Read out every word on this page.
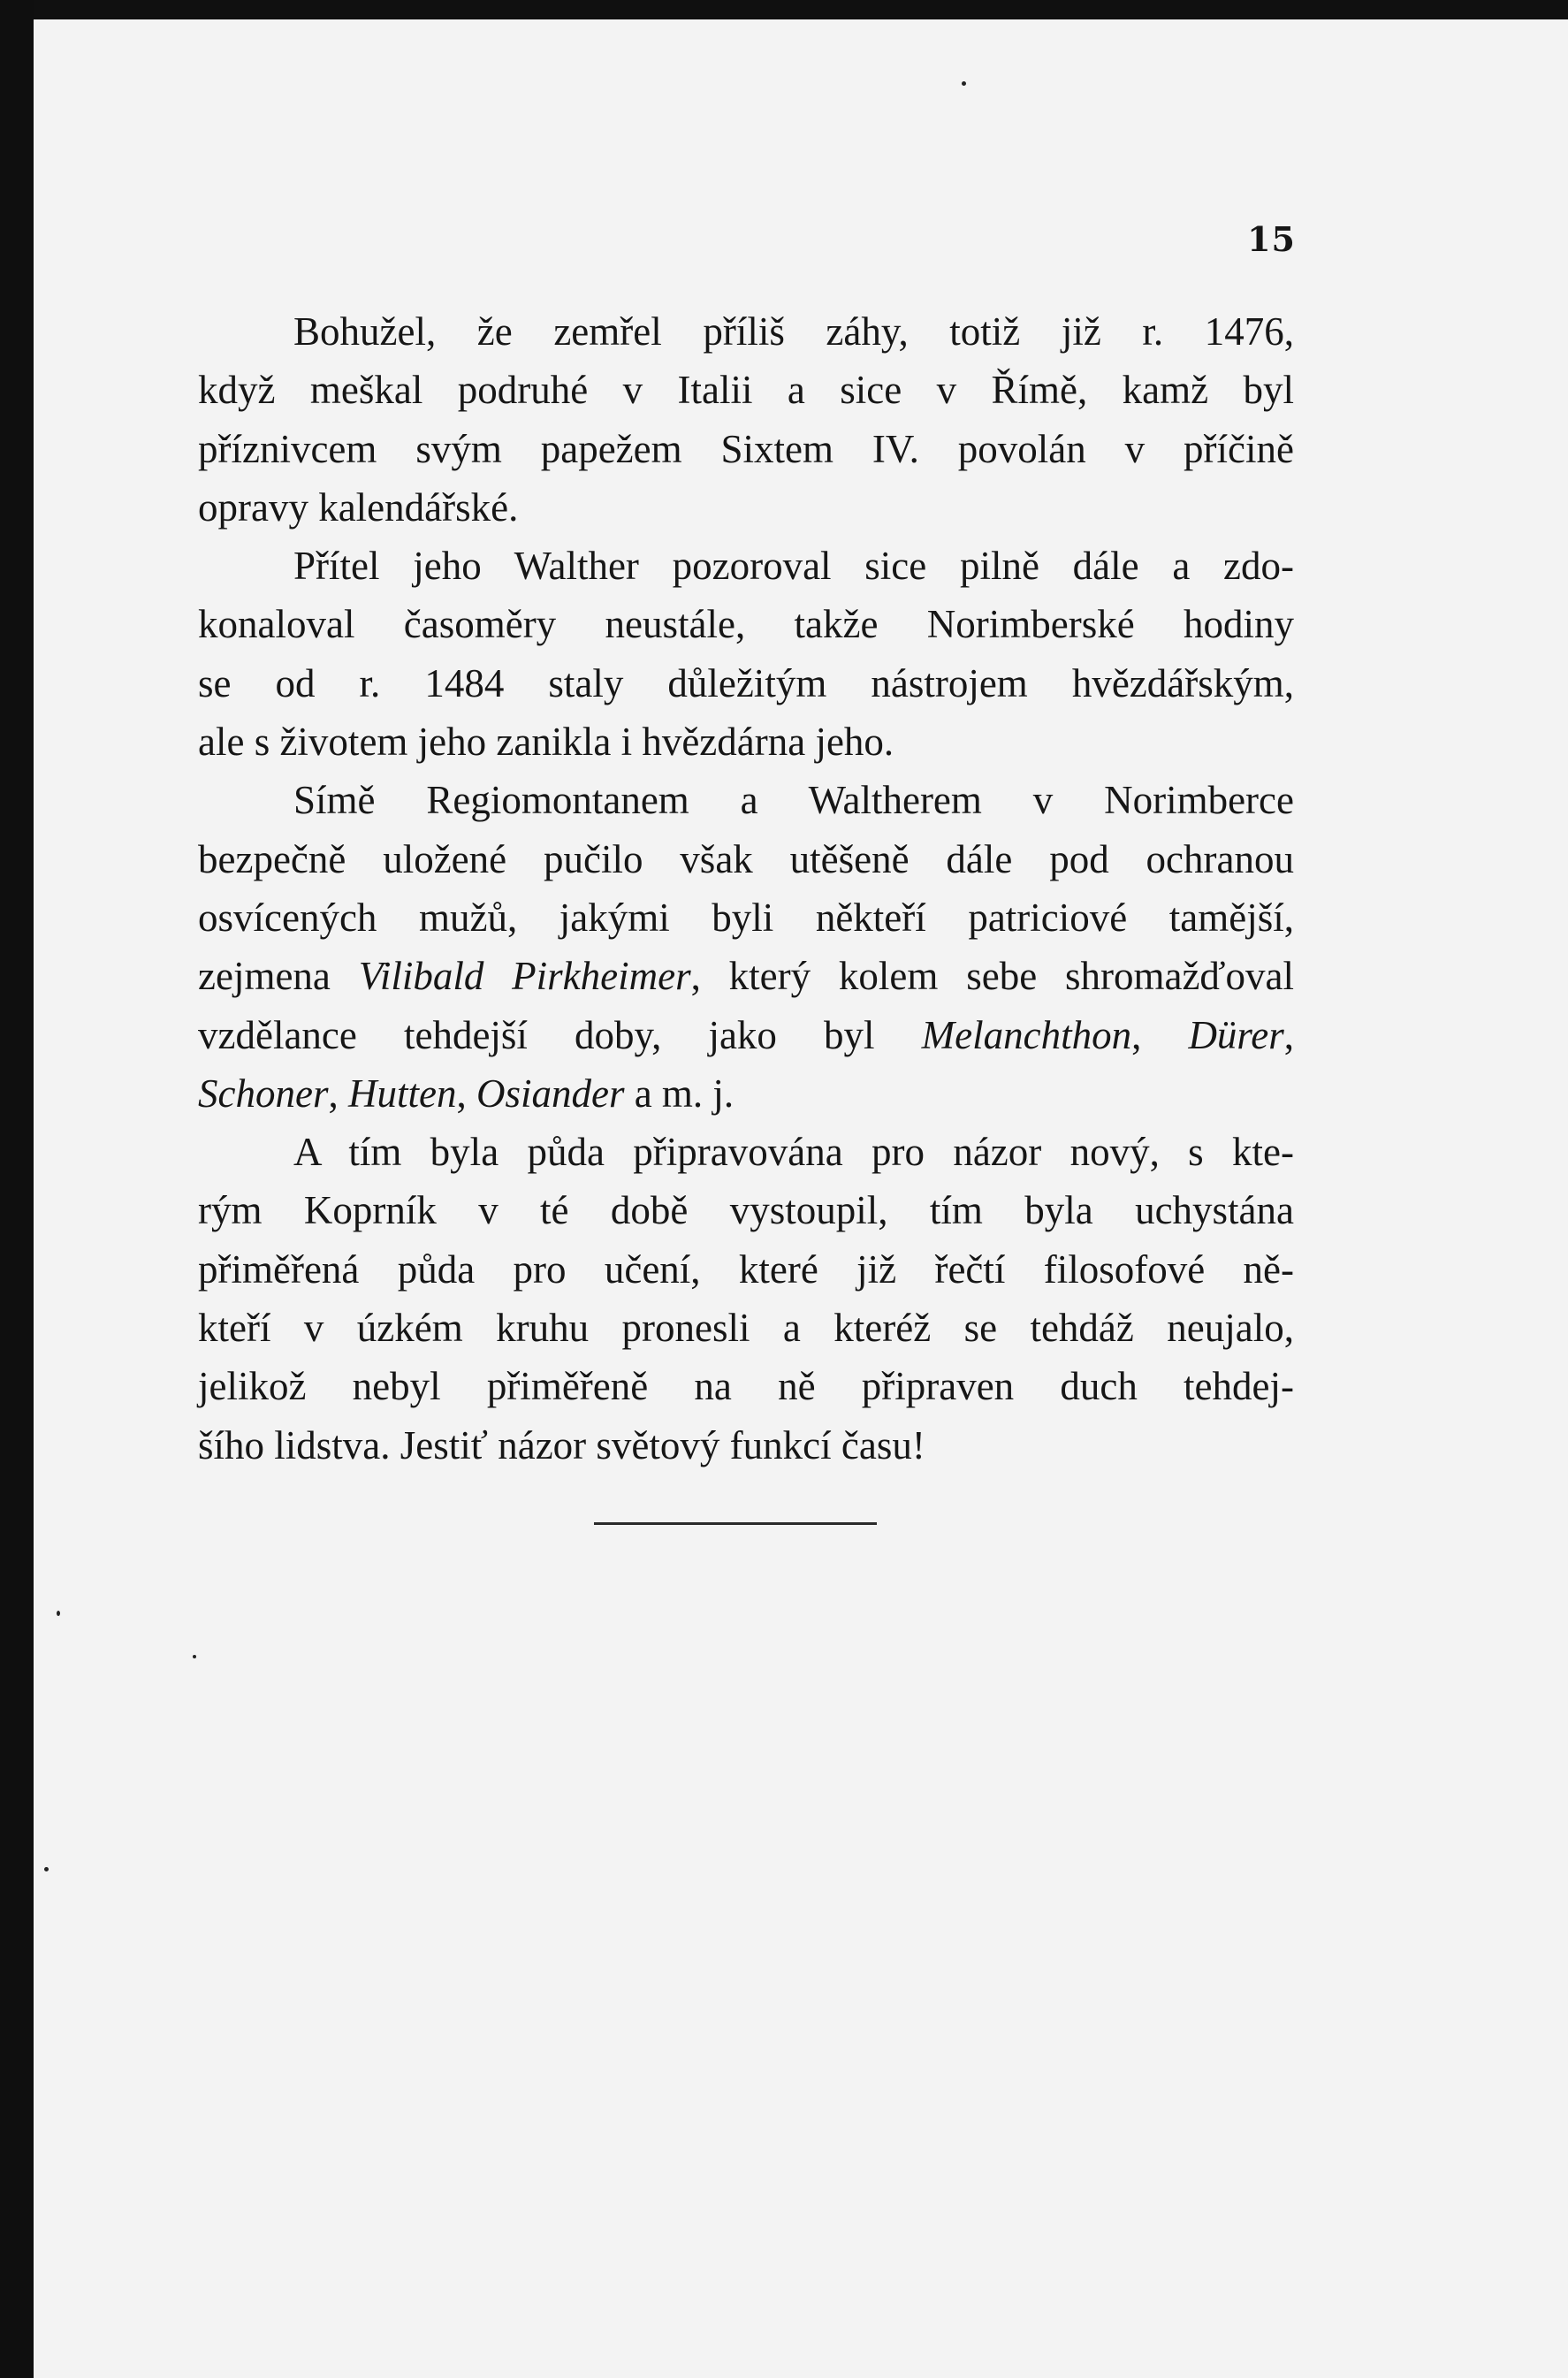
15
Bohužel, že zemřel příliš záhy, totiž již r. 1476,
když meškal podruhé v Italii a sice v Římě, kamž byl
příznivcem svým papežem Sixtem IV. povolán v příčině
opravy kalendářské.
Přítel jeho Walther pozoroval sice pilně dále a zdo-
konaloval časoměry neustále, takže Norimberské hodiny
se od r. 1484 staly důležitým nástrojem hvězdářským,
ale s životem jeho zanikla i hvězdárna jeho.
Símě Regiomontanem a Waltherem v Norimberce
bezpečně uložené pučilo však utěšeně dále pod ochranou
osvícených mužů, jakými byli někteří patriciové tamější,
zejmena Vilibald Pirkheimer, který kolem sebe shromažďoval
vzdělance tehdejší doby, jako byl Melanchthon, Dürer,
Schoner, Hutten, Osiander a m. j.
A tím byla půda připravována pro názor nový, s kte-
rým Koprník v té době vystoupil, tím byla uchystána
přiměřená půda pro učení, které již řečtí filosofové ně-
kteří v úzkém kruhu pronesli a kteréž se tehdáž neujalo,
jelikož nebyl přiměřeně na ně připraven duch tehdej-
šího lidstva. Jestiť názor světový funkcí času!
